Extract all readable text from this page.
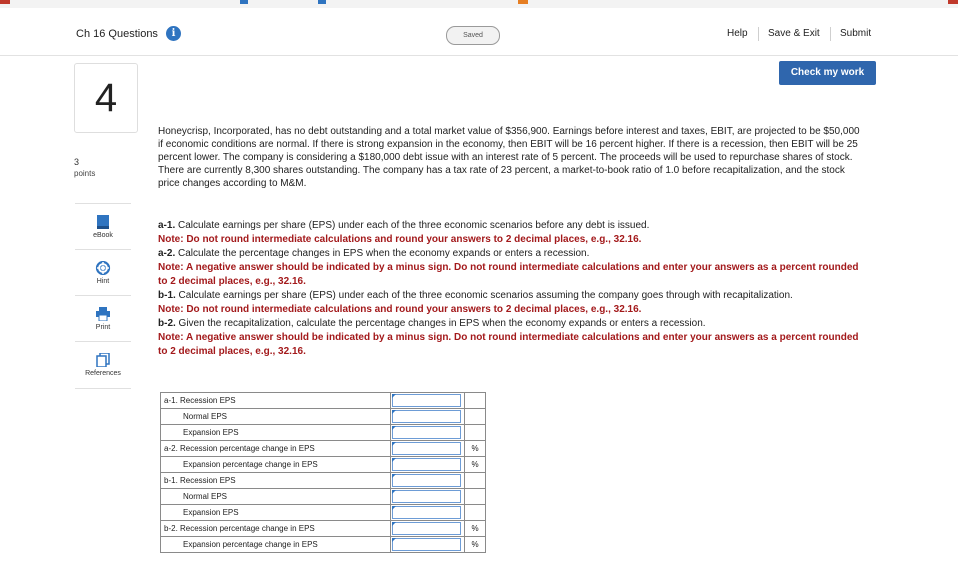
Ch 16 Questions	i	Saved	Help Save & Exit Submit
Check my work
4
3
points
eBook
Hint
Print
References

Honeycrisp, Incorporated, has no debt outstanding and a total market value of $356,900. Earnings before interest and taxes, EBIT, are projected to be $50,000 if economic conditions are normal. If there is strong expansion in the economy, then EBIT will be 16 percent higher. If there is a recession, then EBIT will be 25 percent lower. The company is considering a $180,000 debt issue with an interest rate of 5 percent. The proceeds will be used to repurchase shares of stock. There are currently 8,300 shares outstanding. The company has a tax rate of 23 percent, a market-to-book ratio of 1.0 before recapitalization, and the stock price changes according to M&M.

a-1. Calculate earnings per share (EPS) under each of the three economic scenarios before any debt is issued.

Note: Do not round intermediate calculations and round your answers to 2 decimal places, e.g., 32.16.

a-2. Calculate the percentage changes in EPS when the economy expands or enters a recession.

Note: A negative answer should be indicated by a minus sign. Do not round intermediate calculations and enter your answers as a percent rounded to 2 decimal places, e.g., 32.16.

b-1. Calculate earnings per share (EPS) under each of the three economic scenarios assuming the company goes through with recapitalization.

Note: Do not round intermediate calculations and round your answers to 2 decimal places, e.g., 32.16.

b-2. Given the recapitalization, calculate the percentage changes in EPS when the economy expands or enters a recession.

Note: A negative answer should be indicated by a minus sign. Do not round intermediate calculations and enter your answers as a percent rounded to 2 decimal places, e.g., 32.16.

a-1. Recession EPS	

Normal EPS	

Expansion EPS	

a-2. Recession percentage change in EPS		%
Expansion percentage change in EPS		%
b-1. Recession EPS	

Normal EPS	

Expansion EPS	

b-2. Recession percentage change in EPS		%
Expansion percentage change in EPS		%
